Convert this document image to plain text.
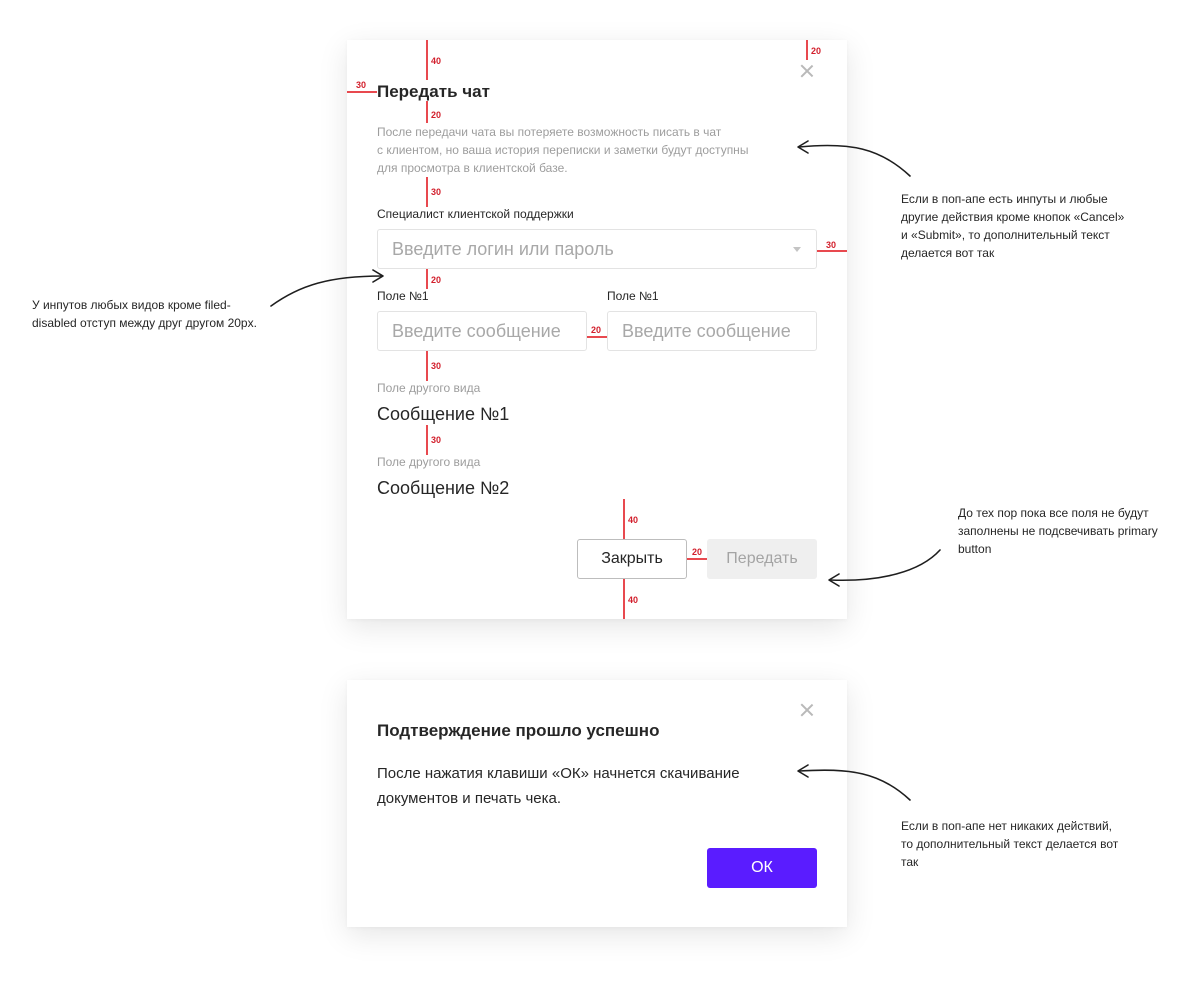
Передать чат
После передачи чата вы потеряете возможность писать в чат
с клиентом, но ваша история переписки и заметки будут доступны
для просмотра в клиентской базе.
Специалист клиентской поддержки
Введите логин или пароль
Поле №1
Введите сообщение	Поле №1
Введите сообщение
Поле другого вида
Сообщение №1
Поле другого вида
Сообщение №2
Закрыть	Передать
40
20
30
20
30
30
20
20
30
30
40
20
40
Подтверждение прошло успешно
После нажатия клавиши «ОК» начнется скачивание
документов и печать чека.
ОК
У инпутов любых видов кроме filed-
disabled отступ между друг другом 20px.
Если в поп-апе есть инпуты и любые
другие действия кроме кнопок «Cancel»
и «Submit», то дополнительный текст
делается вот так
До тех пор пока все поля не будут
заполнены не подсвечивать primary
button
Если в поп-апе нет никаких действий,
то дополнительный текст делается вот
так
